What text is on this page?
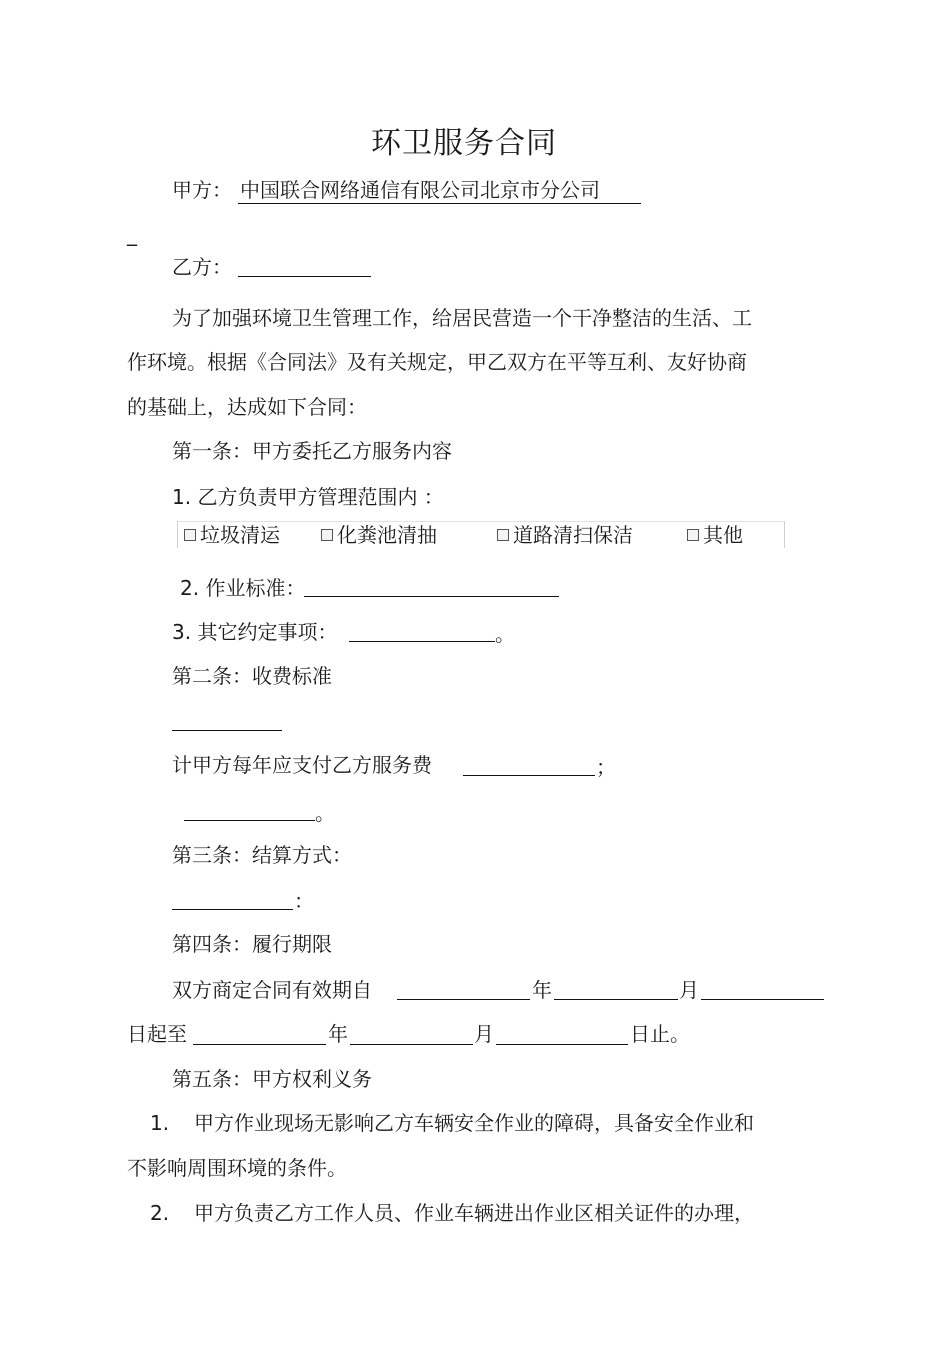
环卫服务合同
甲方： 中国联合网络通信有限公司北京市分公司
_
乙方：
为了加强环境卫生管理工作，给居民营造一个干净整洁的生活、工
作环境。根据《合同法》及有关规定，甲乙双方在平等互利、友好协商
的基础上，达成如下合同：
第一条：甲方委托乙方服务内容
1. 乙方负责甲方管理范围内 ：
垃圾清运	化粪池清抽	道路清扫保洁	其他
2. 作业标准：
3. 其它约定事项：	。
第二条：收费标准
计甲方每年应支付乙方服务费	；
。
第三条：结算方式：
：
第四条：履行期限
双方商定合同有效期自	年	月
日起至	年	月	日止。
第五条：甲方权利义务
1. 甲方作业现场无影响乙方车辆安全作业的障碍，具备安全作业和
不影响周围环境的条件。
2. 甲方负责乙方工作人员、作业车辆进出作业区相关证件的办理，
